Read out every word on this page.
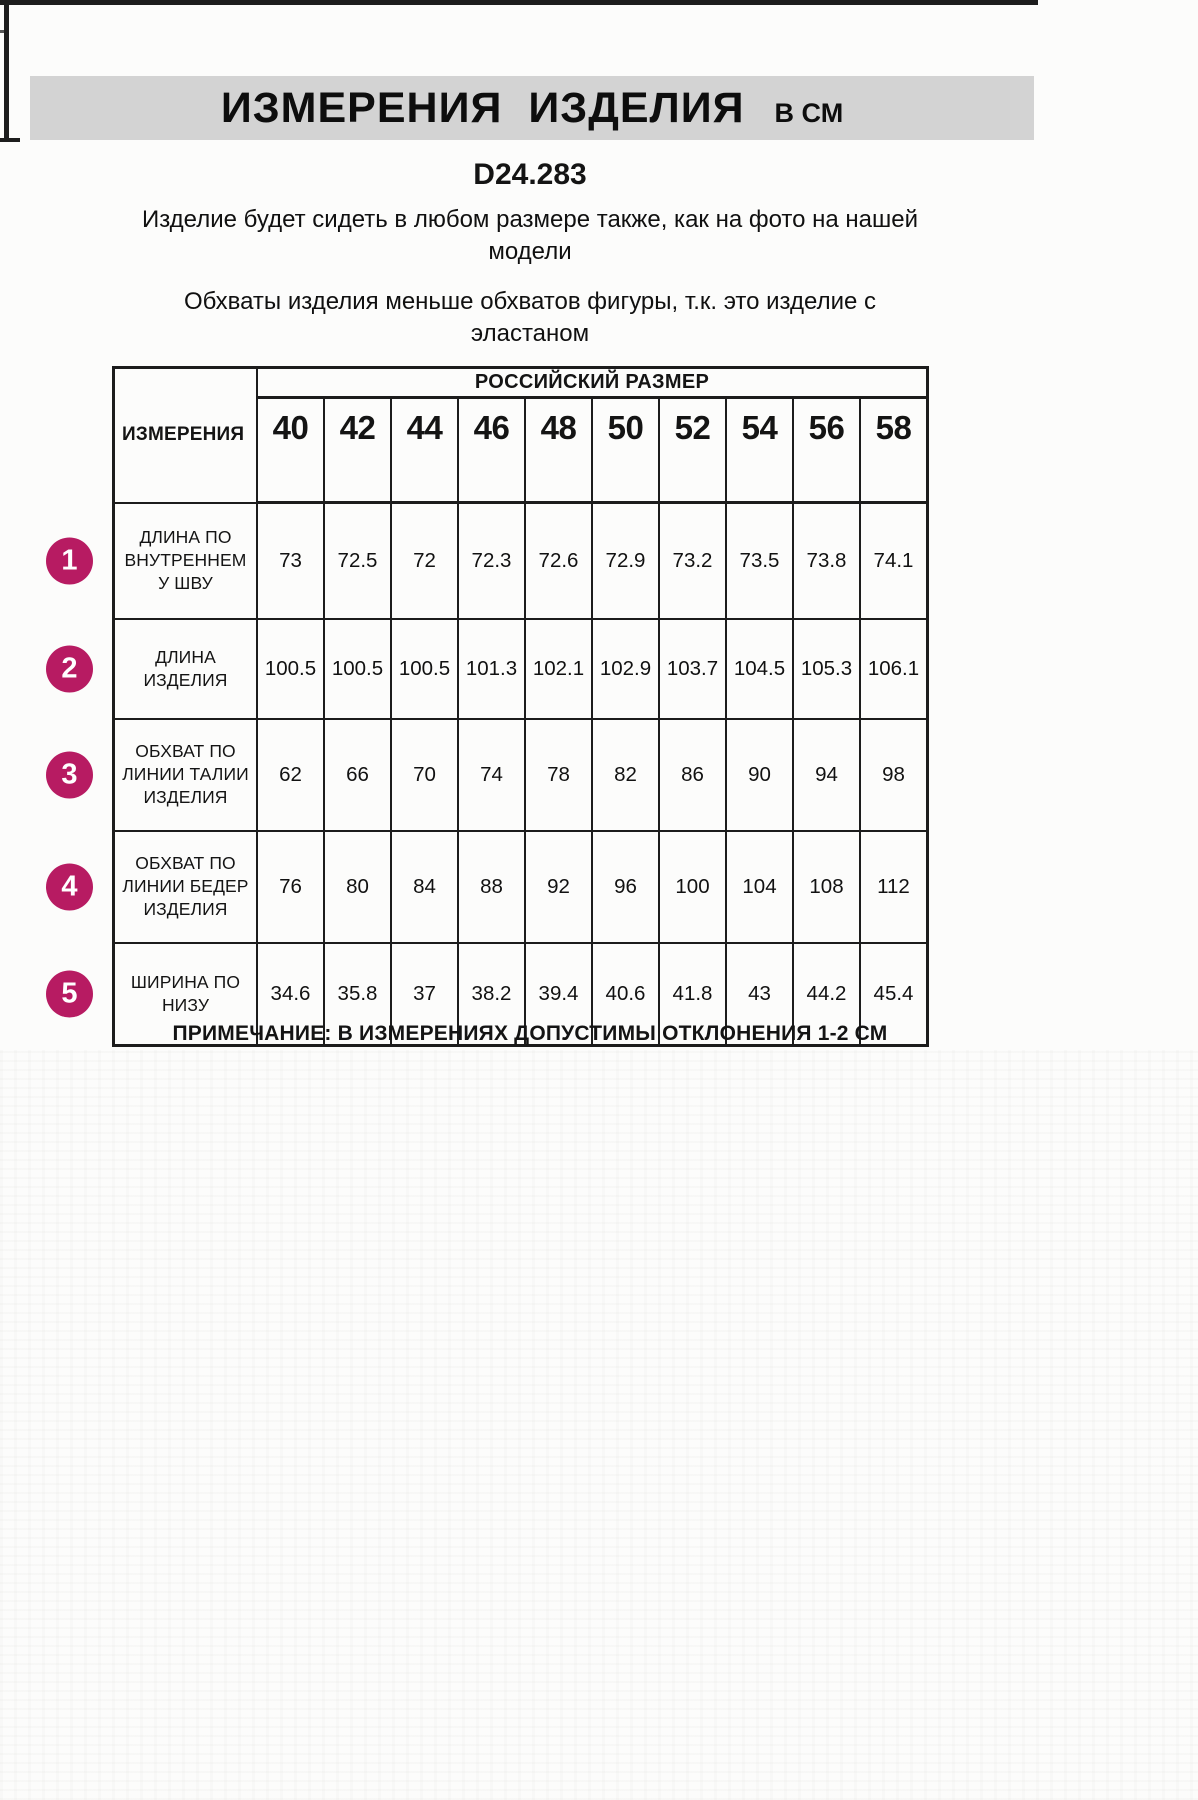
ИЗМЕРЕНИЯ ИЗДЕЛИЯ В СМ
D24.283

Изделие будет сидеть в любом размере также, как на фото на нашей модели

Обхваты изделия меньше обхватов фигуры, т.к. это изделие с эластаном

ИЗМЕРЕНИЯ	РОССИЙСКИЙ РАЗМЕР									
	40	42	44	46	48	50	52	54	56	58

1
ДЛИНА ПО ВНУТРЕННЕМУ ШВУ	73	72.5	72	72.3	72.6	72.9	73.2	73.5	73.8	74.1

2 ДЛИНА ИЗДЕЛИЯ	100.5	100.5	100.5	101.3	102.1	102.9	103.7	104.5	105.3	106.1

3
ОБХВАТ ПО ЛИНИИ ТАЛИИ ИЗДЕЛИЯ	62	66	70	74	78	82	86	90	94	98

4
ОБХВАТ ПО ЛИНИИ БЕДЕР ИЗДЕЛИЯ	76	80	84	88	92	96	100	104	108	112

5 ШИРИНА ПО НИЗУ	34.6	35.8	37	38.2	39.4	40.6	41.8	43	44.2	45.4

ПРИМЕЧАНИЕ: В ИЗМЕРЕНИЯХ ДОПУСТИМЫ ОТКЛОНЕНИЯ 1-2 СМ
